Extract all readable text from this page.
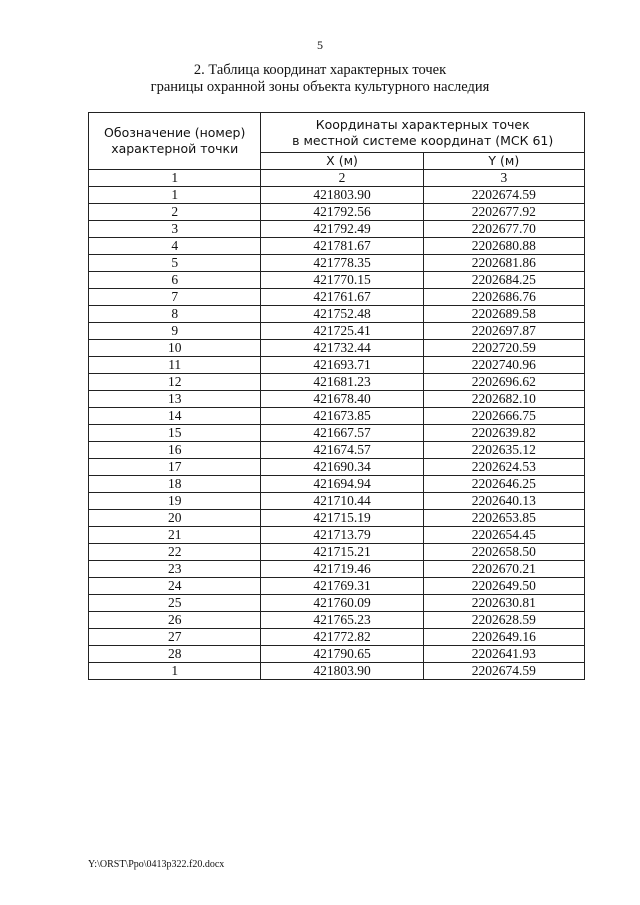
5
2. Таблица координат характерных точек
границы охранной зоны объекта культурного наследия
Обозначение (номер) характерной точки	Координаты характерных точек
в местной системе координат (МСК 61)	

	X (м)	Y (м)
1	2	3
1	421803.90	2202674.59
2	421792.56	2202677.92
3	421792.49	2202677.70
4	421781.67	2202680.88
5	421778.35	2202681.86
6	421770.15	2202684.25
7	421761.67	2202686.76
8	421752.48	2202689.58
9	421725.41	2202697.87
10	421732.44	2202720.59
11	421693.71	2202740.96
12	421681.23	2202696.62
13	421678.40	2202682.10
14	421673.85	2202666.75
15	421667.57	2202639.82
16	421674.57	2202635.12
17	421690.34	2202624.53
18	421694.94	2202646.25
19	421710.44	2202640.13
20	421715.19	2202653.85
21	421713.79	2202654.45
22	421715.21	2202658.50
23	421719.46	2202670.21
24	421769.31	2202649.50
25	421760.09	2202630.81
26	421765.23	2202628.59
27	421772.82	2202649.16
28	421790.65	2202641.93
1	421803.90	2202674.59
Y:\ORST\Ppo\0413p322.f20.docx
